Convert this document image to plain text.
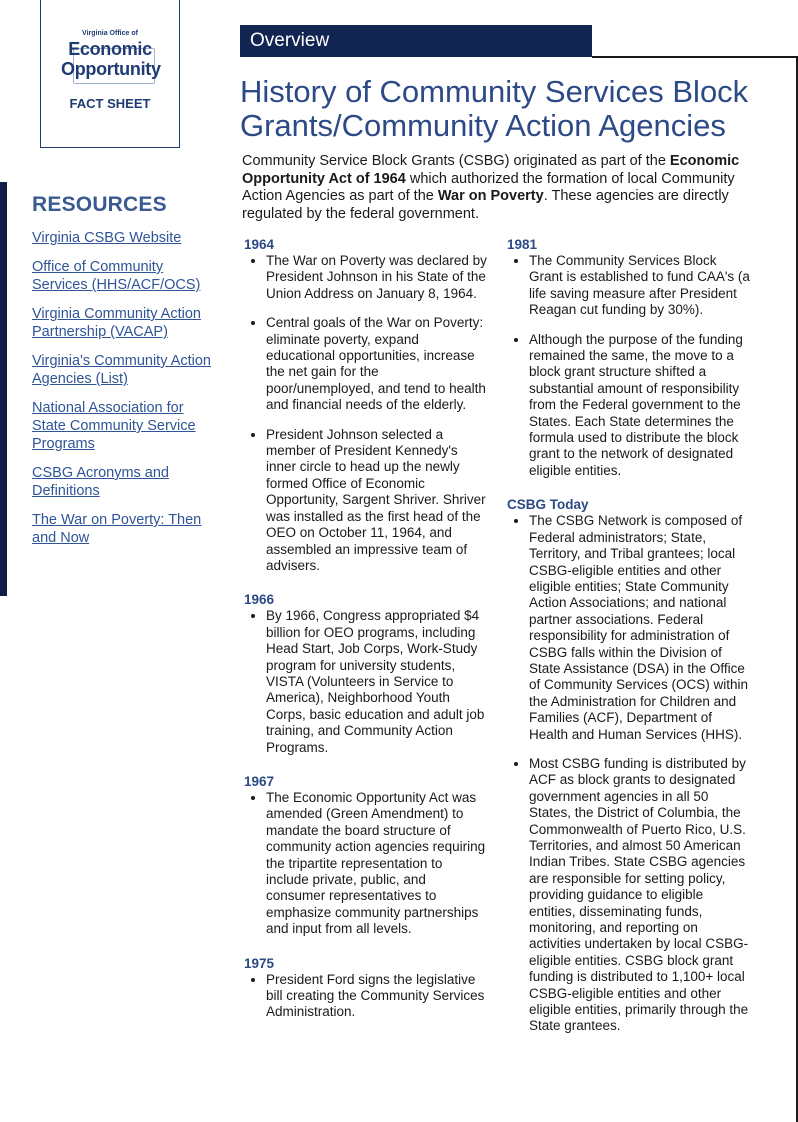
Virginia Office of
Economic
Opportunity
FACT SHEET
RESOURCES
Virginia CSBG Website
Office of Community Services (HHS/ACF/OCS)
Virginia Community Action Partnership (VACAP)
Virginia's Community Action Agencies (List)
National Association for State Community Service Programs
CSBG Acronyms and Definitions
The War on Poverty: Then and Now
Overview
History of Community Services Block Grants/Community Action Agencies
Community Service Block Grants (CSBG) originated as part of the Economic Opportunity Act of 1964 which authorized the formation of local Community Action Agencies as part of the War on Poverty. These agencies are directly regulated by the federal government.
1964
• The War on Poverty was declared by President Johnson in his State of the Union Address on January 8, 1964.
• Central goals of the War on Poverty: eliminate poverty, expand educational opportunities, increase the net gain for the poor/unemployed, and tend to health and financial needs of the elderly.
• President Johnson selected a member of President Kennedy's inner circle to head up the newly formed Office of Economic Opportunity, Sargent Shriver. Shriver was installed as the first head of the OEO on October 11, 1964, and assembled an impressive team of advisers.
1966
• By 1966, Congress appropriated $4 billion for OEO programs, including Head Start, Job Corps, Work-Study program for university students, VISTA (Volunteers in Service to America), Neighborhood Youth Corps, basic education and adult job training, and Community Action Programs.
1967
• The Economic Opportunity Act was amended (Green Amendment) to mandate the board structure of community action agencies requiring the tripartite representation to include private, public, and consumer representatives to emphasize community partnerships and input from all levels.
1975
• President Ford signs the legislative bill creating the Community Services Administration.
1981
• The Community Services Block Grant is established to fund CAA's (a life saving measure after President Reagan cut funding by 30%).
• Although the purpose of the funding remained the same, the move to a block grant structure shifted a substantial amount of responsibility from the Federal government to the States. Each State determines the formula used to distribute the block grant to the network of designated eligible entities.
CSBG Today
• The CSBG Network is composed of Federal administrators; State, Territory, and Tribal grantees; local CSBG-eligible entities and other eligible entities; State Community Action Associations; and national partner associations. Federal responsibility for administration of CSBG falls within the Division of State Assistance (DSA) in the Office of Community Services (OCS) within the Administration for Children and Families (ACF), Department of Health and Human Services (HHS).
• Most CSBG funding is distributed by ACF as block grants to designated government agencies in all 50 States, the District of Columbia, the Commonwealth of Puerto Rico, U.S. Territories, and almost 50 American Indian Tribes. State CSBG agencies are responsible for setting policy, providing guidance to eligible entities, disseminating funds, monitoring, and reporting on activities undertaken by local CSBG-eligible entities. CSBG block grant funding is distributed to 1,100+ local CSBG-eligible entities and other eligible entities, primarily through the State grantees.
